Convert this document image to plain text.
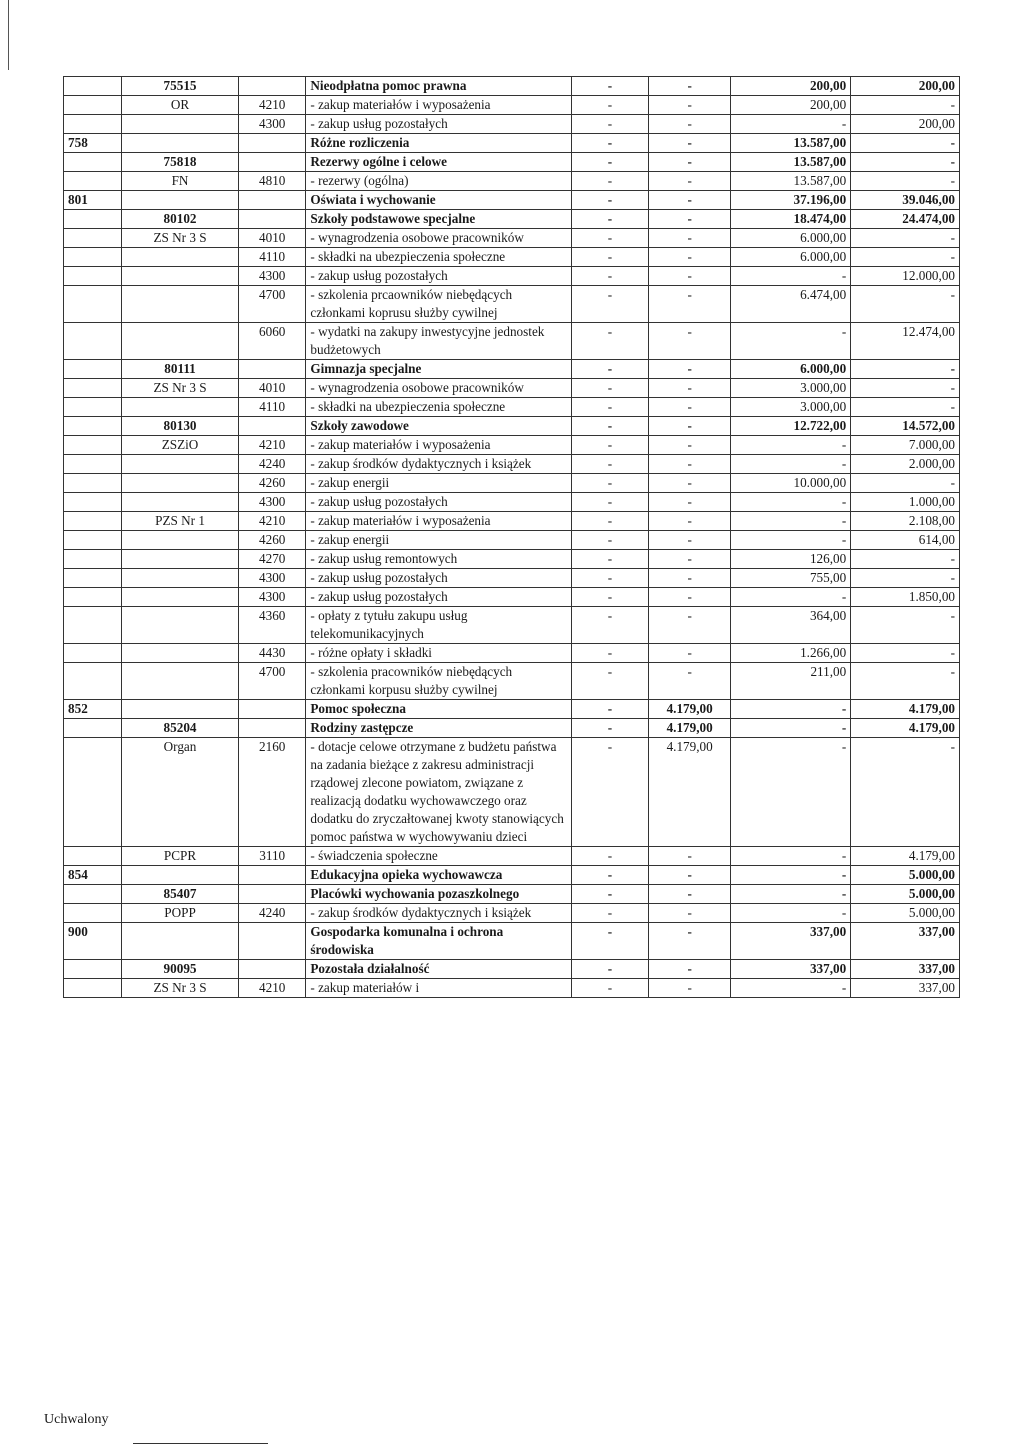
	75515		Nieodpłatna pomoc prawna	-	-	200,00	200,00
	OR	4210	- zakup materiałów i wyposażenia	-	-	200,00	-
		4300	- zakup usług pozostałych	-	-	-	200,00
758			Różne rozliczenia	-	-	13.587,00	-
	75818		Rezerwy ogólne i celowe	-	-	13.587,00	-
	FN	4810	- rezerwy (ogólna)	-	-	13.587,00	-
801			Oświata i wychowanie	-	-	37.196,00	39.046,00
	80102		Szkoły podstawowe specjalne	-	-	18.474,00	24.474,00
	ZS Nr 3 S	4010	- wynagrodzenia osobowe pracowników	-	-	6.000,00	-
		4110	- składki na ubezpieczenia społeczne	-	-	6.000,00	-
		4300	- zakup usług pozostałych	-	-	-	12.000,00
		4700	- szkolenia prcaowników niebędących członkami koprusu służby cywilnej	-	-	6.474,00	-
		6060	- wydatki na zakupy inwestycyjne jednostek budżetowych	-	-	-	12.474,00
	80111		Gimnazja specjalne	-	-	6.000,00	-
	ZS Nr 3 S	4010	- wynagrodzenia osobowe pracowników	-	-	3.000,00	-
		4110	- składki na ubezpieczenia społeczne	-	-	3.000,00	-
	80130		Szkoły zawodowe	-	-	12.722,00	14.572,00
	ZSZiO	4210	- zakup materiałów i wyposażenia	-	-	-	7.000,00
		4240	- zakup środków dydaktycznych i książek	-	-	-	2.000,00
		4260	- zakup energii	-	-	10.000,00	-
		4300	- zakup usług pozostałych	-	-	-	1.000,00
	PZS Nr 1	4210	- zakup materiałów i wyposażenia	-	-	-	2.108,00
		4260	- zakup energii	-	-	-	614,00
		4270	- zakup usług remontowych	-	-	126,00	-
		4300	- zakup usług pozostałych	-	-	755,00	-
		4300	- zakup usług pozostałych	-	-	-	1.850,00
		4360	- opłaty z tytułu zakupu usług telekomunikacyjnych	-	-	364,00	-
		4430	- różne opłaty i składki	-	-	1.266,00	-
		4700	- szkolenia pracowników niebędących członkami korpusu służby cywilnej	-	-	211,00	-
852			Pomoc społeczna	-	4.179,00	-	4.179,00
	85204		Rodziny zastępcze	-	4.179,00	-	4.179,00
	Organ	2160	- dotacje celowe otrzymane z budżetu państwa na zadania bieżące z zakresu administracji rządowej zlecone powiatom, związane z realizacją dodatku wychowawczego oraz dodatku do zryczałtowanej kwoty stanowiących pomoc państwa w wychowywaniu dzieci	-	4.179,00	-	-
	PCPR	3110	- świadczenia społeczne	-	-	-	4.179,00
854			Edukacyjna opieka wychowawcza	-	-	-	5.000,00
	85407		Placówki wychowania pozaszkolnego	-	-	-	5.000,00
	POPP	4240	- zakup środków dydaktycznych i książek	-	-	-	5.000,00
900			Gospodarka komunalna i ochrona środowiska	-	-	337,00	337,00
	90095		Pozostała działalność	-	-	337,00	337,00
	ZS Nr 3 S	4210	- zakup materiałów i	-	-	-	337,00
Uchwalony
